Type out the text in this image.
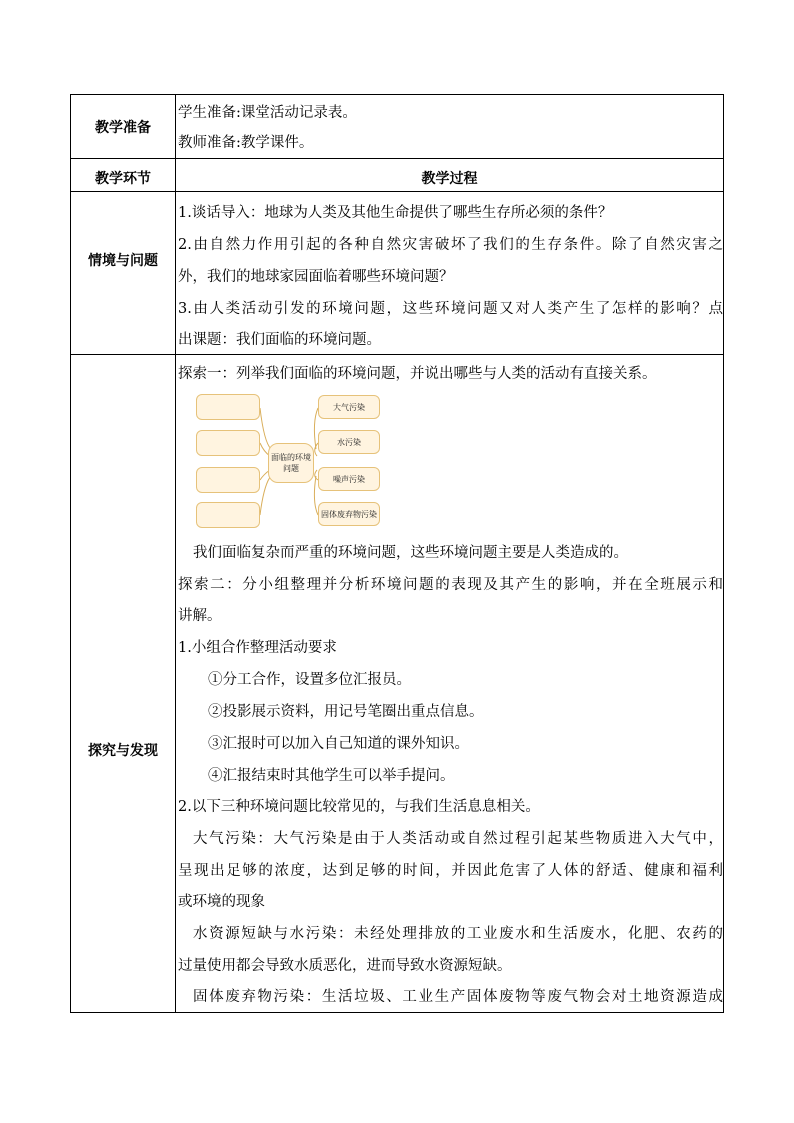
教学准备
学生准备:课堂活动记录表。
教师准备:教学课件。
教学环节	教学过程
情境与问题
1.谈话导入：地球为人类及其他生命提供了哪些生存所必须的条件？
2.由自然力作用引起的各种自然灾害破坏了我们的生存条件。除了自然灾害之
外，我们的地球家园面临着哪些环境问题？
3.由人类活动引发的环境问题，这些环境问题又对人类产生了怎样的影响？点
出课题：我们面临的环境问题。
探究与发现
探索一：列举我们面临的环境问题，并说出哪些与人类的活动有直接关系。
面临的环境问题
大气污染
水污染
噪声污染
固体废弃物污染
我们面临复杂而严重的环境问题，这些环境问题主要是人类造成的。
探索二：分小组整理并分析环境问题的表现及其产生的影响，并在全班展示和
讲解。
1.小组合作整理活动要求
①分工合作，设置多位汇报员。
②投影展示资料，用记号笔圈出重点信息。
③汇报时可以加入自己知道的课外知识。
④汇报结束时其他学生可以举手提问。
2.以下三种环境问题比较常见的，与我们生活息息相关。
大气污染：大气污染是由于人类活动或自然过程引起某些物质进入大气中，
呈现出足够的浓度，达到足够的时间，并因此危害了人体的舒适、健康和福利
或环境的现象
水资源短缺与水污染：未经处理排放的工业废水和生活废水，化肥、农药的
过量使用都会导致水质恶化，进而导致水资源短缺。
固体废弃物污染：生活垃圾、工业生产固体废物等废气物会对土地资源造成
